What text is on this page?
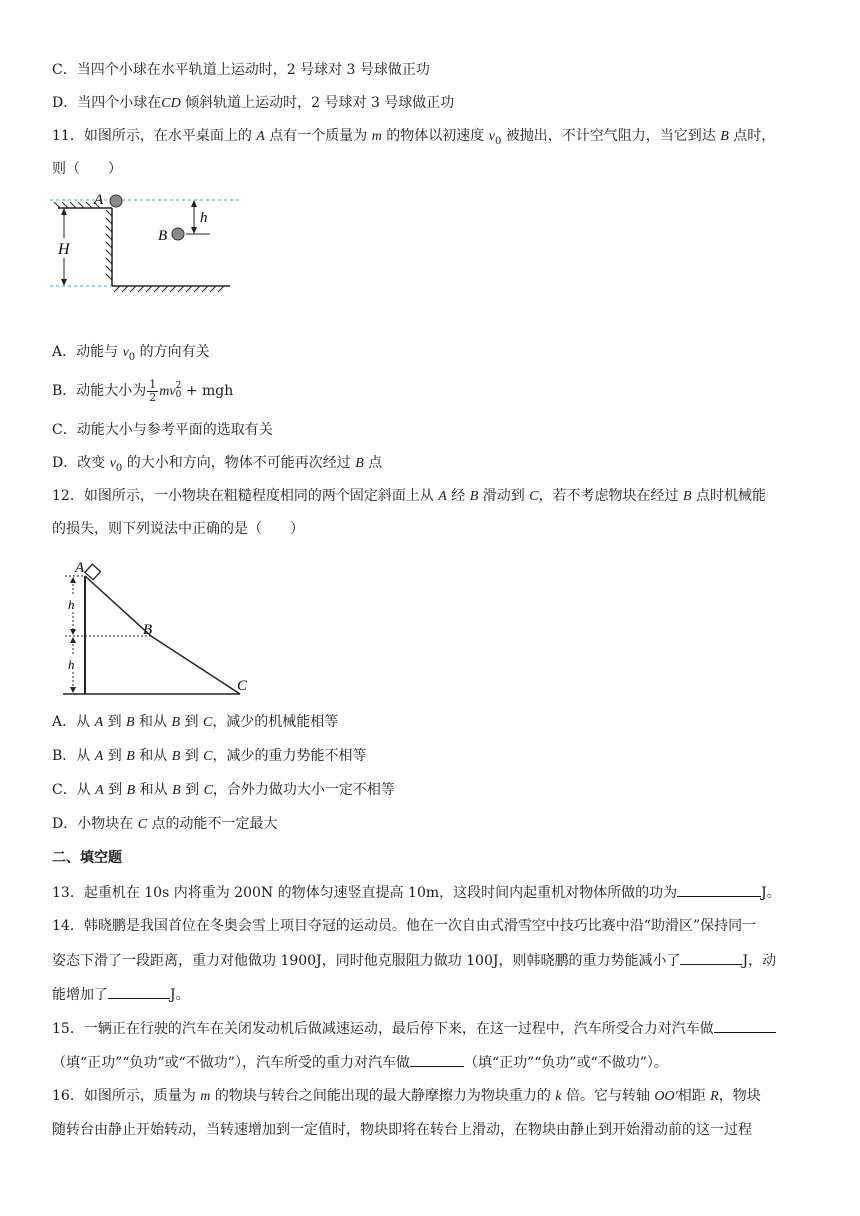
C．当四个小球在水平轨道上运动时，2 号球对 3 号球做正功
D．当四个小球在CD 倾斜轨道上运动时，2 号球对 3 号球做正功
11．如图所示，在水平桌面上的 A 点有一个质量为 m 的物体以初速度 $v_0$ 被抛出，不计空气阻力，当它到达 B 点时，
则（　　）
H
A
B
h
A．动能与 $v_0$ 的方向有关
B．动能大小为 $\frac{1}{2}$ mv 2
0 + mgh
C．动能大小与参考平面的选取有关
D．改变 $v_0$ 的大小和方向，物体不可能再次经过 B 点
12．如图所示，一小物块在粗糙程度相同的两个固定斜面上从 A 经 B 滑动到 C，若不考虑物块在经过 B 点时机械能
的损失，则下列说法中正确的是（　　）
A
B
C
h
h
A．从 A 到 B 和从 B 到 C，减少的机械能相等
B．从 A 到 B 和从 B 到 C，减少的重力势能不相等
C．从 A 到 B 和从 B 到 C，合外力做功大小一定不相等
D．小物块在 C 点的动能不一定最大
二、填空题
13．起重机在 10s 内将重为 200N 的物体匀速竖直提高 10m，这段时间内起重机对物体所做的功为	J。
14．韩晓鹏是我国首位在冬奥会雪上项目夺冠的运动员。他在一次自由式滑雪空中技巧比赛中沿“助滑区”保持同一
姿态下滑了一段距离，重力对他做功 1900J，同时他克服阻力做功 100J，则韩晓鹏的重力势能减小了	J，动
能增加了	J。
15．一辆正在行驶的汽车在关闭发动机后做减速运动，最后停下来，在这一过程中，汽车所受合力对汽车做
（填“正功”“负功”或“不做功”），汽车所受的重力对汽车做	（填“正功”“负功”或“不做功”）。
16．如图所示，质量为 m 的物块与转台之间能出现的最大静摩擦力为物块重力的 k 倍。它与转轴 OO′相距 R，物块
随转台由静止开始转动，当转速增加到一定值时，物块即将在转台上滑动，在物块由静止到开始滑动前的这一过程
